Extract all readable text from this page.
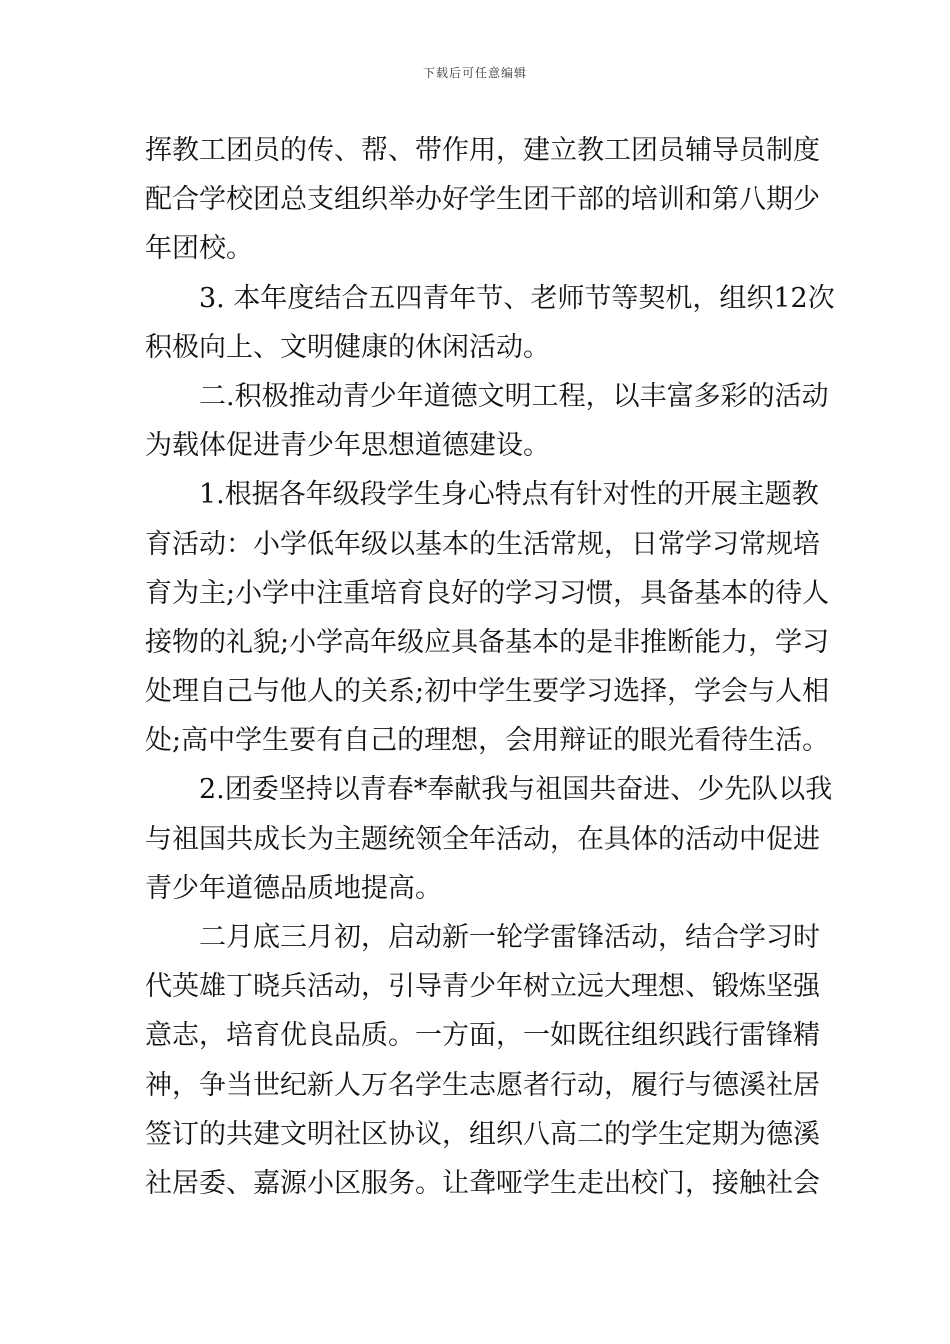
下载后可任意编辑
挥教工团员的传、帮、带作用，建立教工团员辅导员制度
配合学校团总支组织举办好学生团干部的培训和第八期少
年团校。
3. 本年度结合五四青年节、老师节等契机，组织12次
积极向上、文明健康的休闲活动。
二.积极推动青少年道德文明工程，以丰富多彩的活动
为载体促进青少年思想道德建设。
1.根据各年级段学生身心特点有针对性的开展主题教
育活动：小学低年级以基本的生活常规，日常学习常规培
育为主;小学中注重培育良好的学习习惯，具备基本的待人
接物的礼貌;小学高年级应具备基本的是非推断能力，学习
处理自己与他人的关系;初中学生要学习选择，学会与人相
处;高中学生要有自己的理想，会用辩证的眼光看待生活。
2.团委坚持以青春*奉献我与祖国共奋进、少先队以我
与祖国共成长为主题统领全年活动，在具体的活动中促进
青少年道德品质地提高。
二月底三月初，启动新一轮学雷锋活动，结合学习时
代英雄丁晓兵活动，引导青少年树立远大理想、锻炼坚强
意志，培育优良品质。一方面，一如既往组织践行雷锋精
神，争当世纪新人万名学生志愿者行动，履行与德溪社居
签订的共建文明社区协议，组织八高二的学生定期为德溪
社居委、嘉源小区服务。让聋哑学生走出校门，接触社会
